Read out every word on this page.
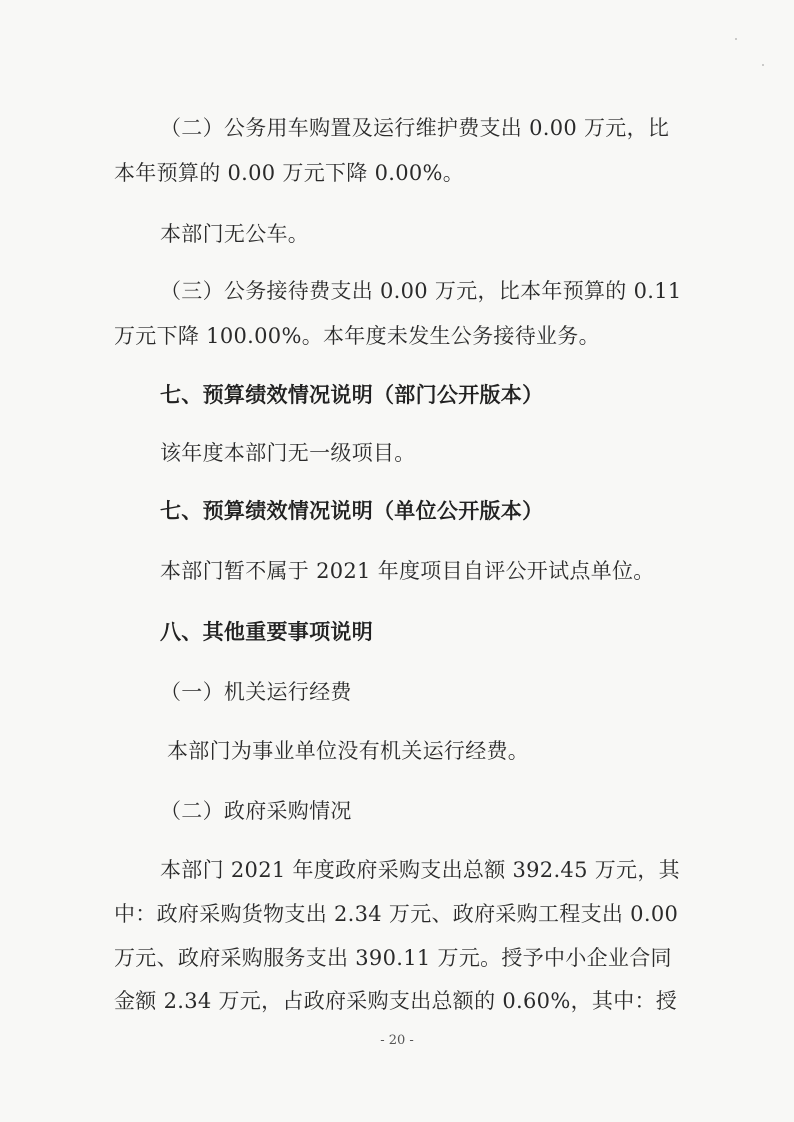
（二）公务用车购置及运行维护费支出 0.00 万元，比
本年预算的 0.00 万元下降 0.00%。
本部门无公车。
（三）公务接待费支出 0.00 万元，比本年预算的 0.11
万元下降 100.00%。本年度未发生公务接待业务。
七、预算绩效情况说明（部门公开版本）
该年度本部门无一级项目。
七、预算绩效情况说明（单位公开版本）
本部门暂不属于 2021 年度项目自评公开试点单位。
八、其他重要事项说明
（一）机关运行经费
本部门为事业单位没有机关运行经费。
（二）政府采购情况
本部门 2021 年度政府采购支出总额 392.45 万元，其
中：政府采购货物支出 2.34 万元、政府采购工程支出 0.00
万元、政府采购服务支出 390.11 万元。授予中小企业合同
金额 2.34 万元，占政府采购支出总额的 0.60%，其中：授
- 20 -
